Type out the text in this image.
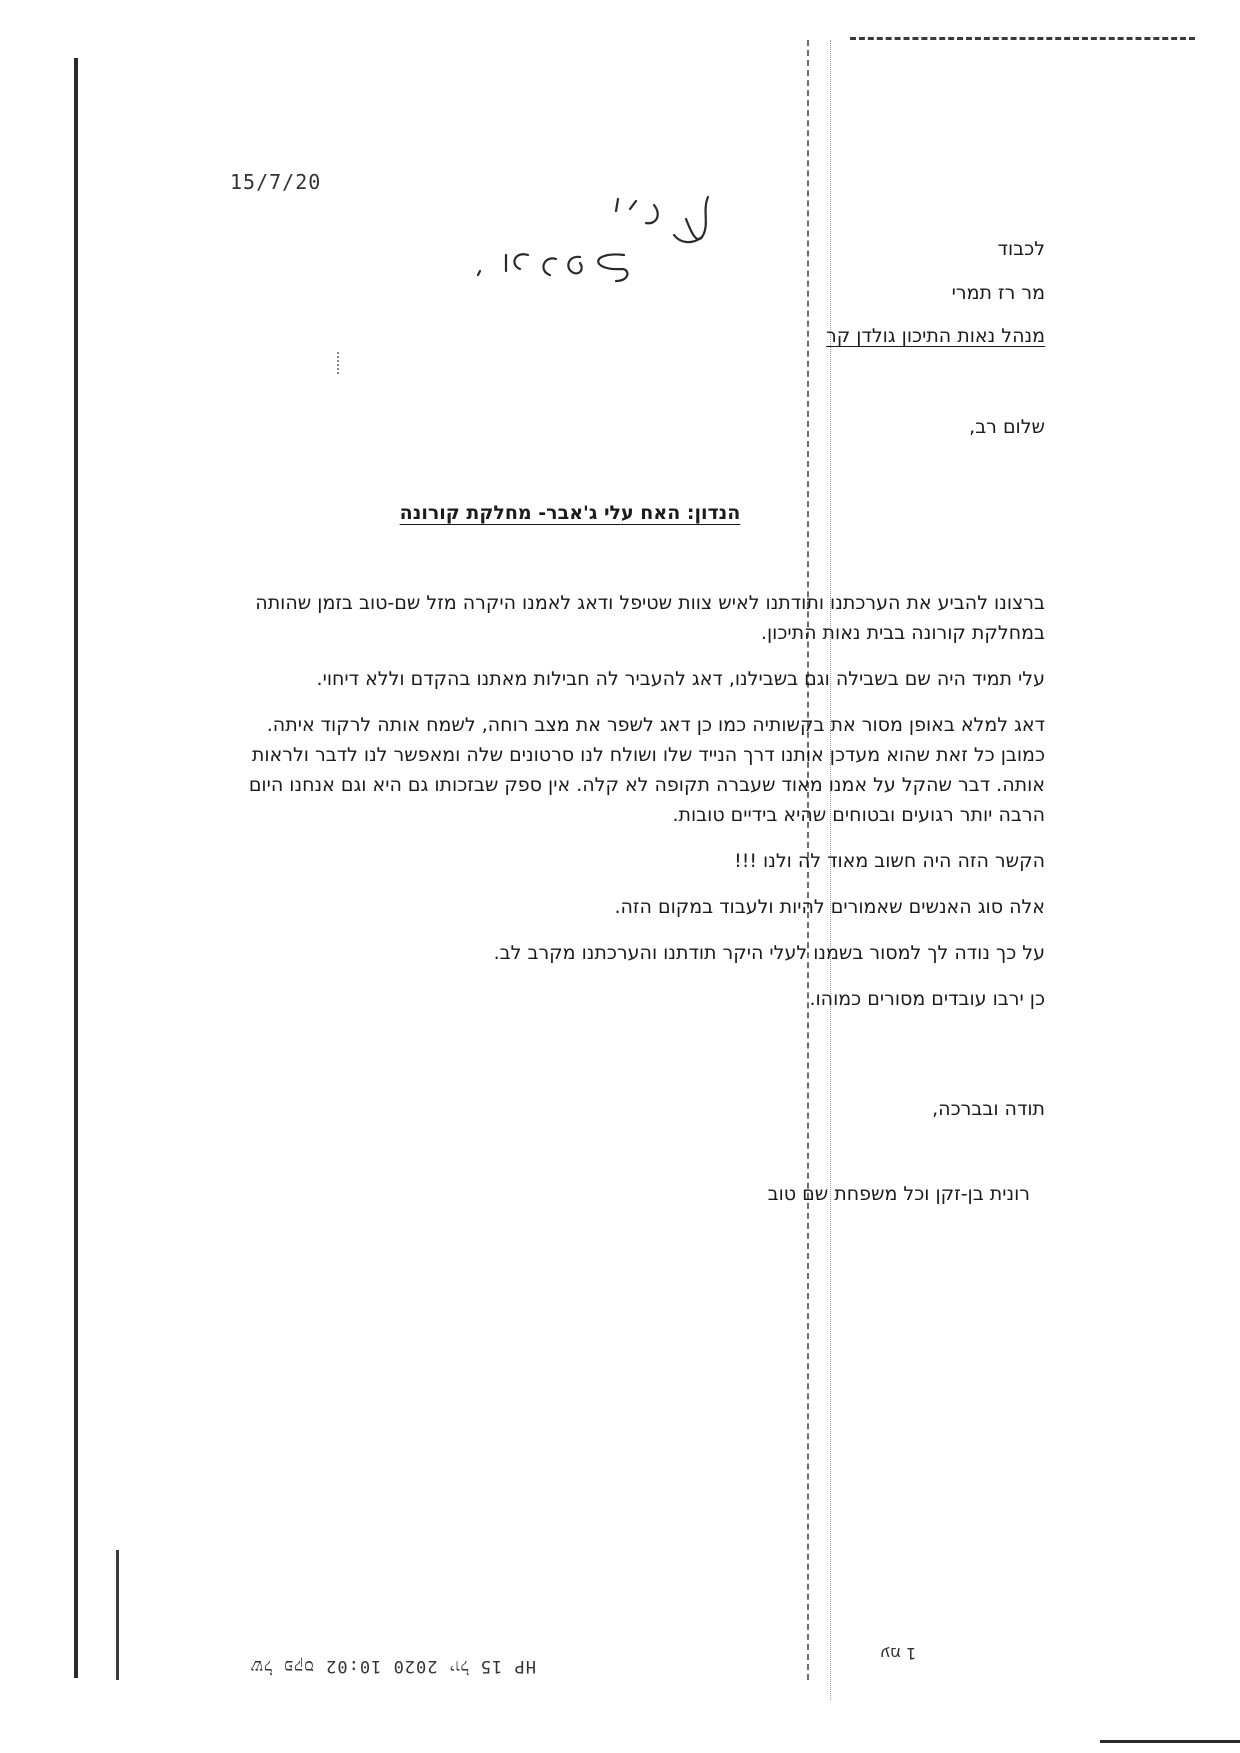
15/7/20
לכבוד
מר רז תמרי
מנהל נאות התיכון גולדן קר
שלום רב,
הנדון: האח עלי ג'אבר- מחלקת קורונה

ברצונו להביע את הערכתנו ותודתנו לאיש צוות שטיפל ודאג לאמנו היקרה מזל שם-טוב בזמן שהותה במחלקת קורונה בבית נאות התיכון.

עלי תמיד היה שם בשבילה וגם בשבילנו, דאג להעביר לה חבילות מאתנו בהקדם וללא דיחוי.

דאג למלא באופן מסור את בקשותיה כמו כן דאג לשפר את מצב רוחה, לשמח אותה לרקוד איתה. כמובן כל זאת שהוא מעדכן אותנו דרך הנייד שלו ושולח לנו סרטונים שלה ומאפשר לנו לדבר ולראות אותה. דבר שהקל על אמנו מאוד שעברה תקופה לא קלה. אין ספק שבזכותו גם היא וגם אנחנו היום הרבה יותר רגועים ובטוחים שהיא בידיים טובות.

הקשר הזה היה חשוב מאוד לה ולנו !!!

אלה סוג האנשים שאמורים להיות ולעבוד במקום הזה.

על כך נודה לך למסור בשמנו לעלי היקר תודתנו והערכתנו מקרב לב.

כן ירבו עובדים מסורים כמוהו.

תודה ובברכה,
רונית בן-זקן וכל משפחת שם טוב
HP של פקס 10:02 2020 יול 15
1 עמ
